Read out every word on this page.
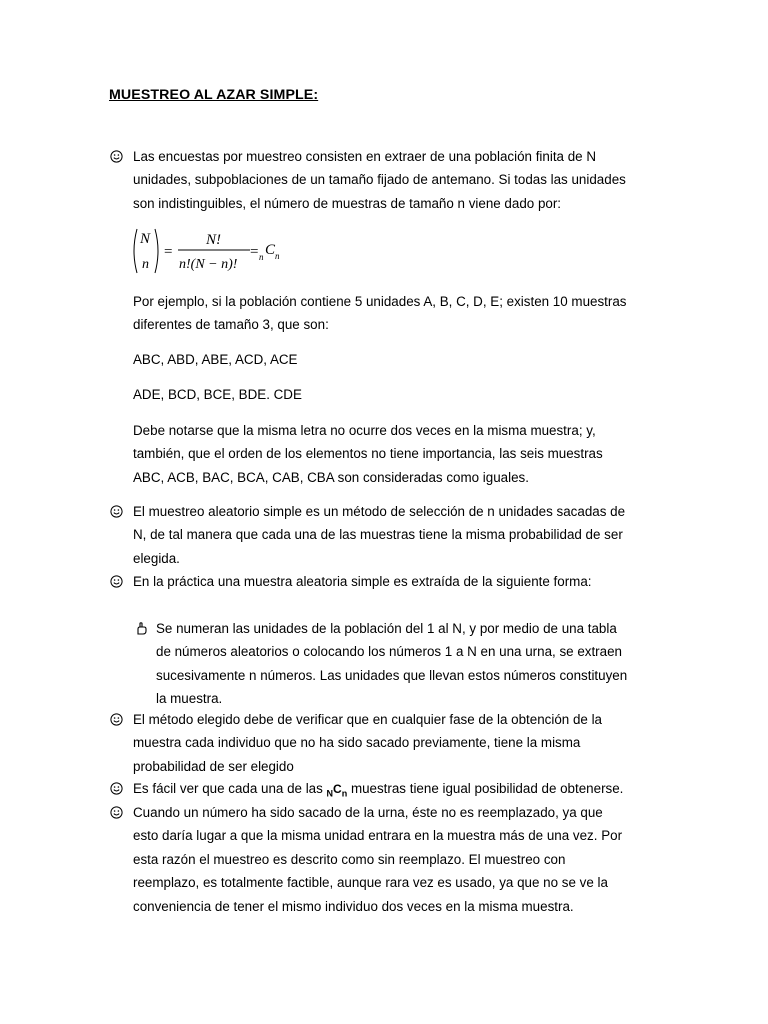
MUESTREO AL AZAR SIMPLE:
Las encuestas por muestreo consisten en extraer de una población finita de N
unidades, subpoblaciones de un tamaño fijado de antemano. Si todas las unidades
son indistinguibles, el número de muestras de tamaño n viene dado por:
N
n
=
N!
n!(N − n)!
= n C n
Por ejemplo, si la población contiene 5 unidades A, B, C, D, E; existen 10 muestras
diferentes de tamaño 3, que son:
ABC, ABD, ABE, ACD, ACE
ADE, BCD, BCE, BDE. CDE
Debe notarse que la misma letra no ocurre dos veces en la misma muestra; y,
también, que el orden de los elementos no tiene importancia, las seis muestras
ABC, ACB, BAC, BCA, CAB, CBA son consideradas como iguales.
El muestreo aleatorio simple es un método de selección de n unidades sacadas de
N, de tal manera que cada una de las muestras tiene la misma probabilidad de ser
elegida.
En la práctica una muestra aleatoria simple es extraída de la siguiente forma:
Se numeran las unidades de la población del 1 al N, y por medio de una tabla
de números aleatorios o colocando los números 1 a N en una urna, se extraen
sucesivamente n números. Las unidades que llevan estos números constituyen
la muestra.
El método elegido debe de verificar que en cualquier fase de la obtención de la
muestra cada individuo que no ha sido sacado previamente, tiene la misma
probabilidad de ser elegido
Es fácil ver que cada una de las $_NC_n$ muestras tiene igual posibilidad de obtenerse.
Cuando un número ha sido sacado de la urna, éste no es reemplazado, ya que
esto daría lugar a que la misma unidad entrara en la muestra más de una vez. Por
esta razón el muestreo es descrito como sin reemplazo. El muestreo con
reemplazo, es totalmente factible, aunque rara vez es usado, ya que no se ve la
conveniencia de tener el mismo individuo dos veces en la misma muestra.
